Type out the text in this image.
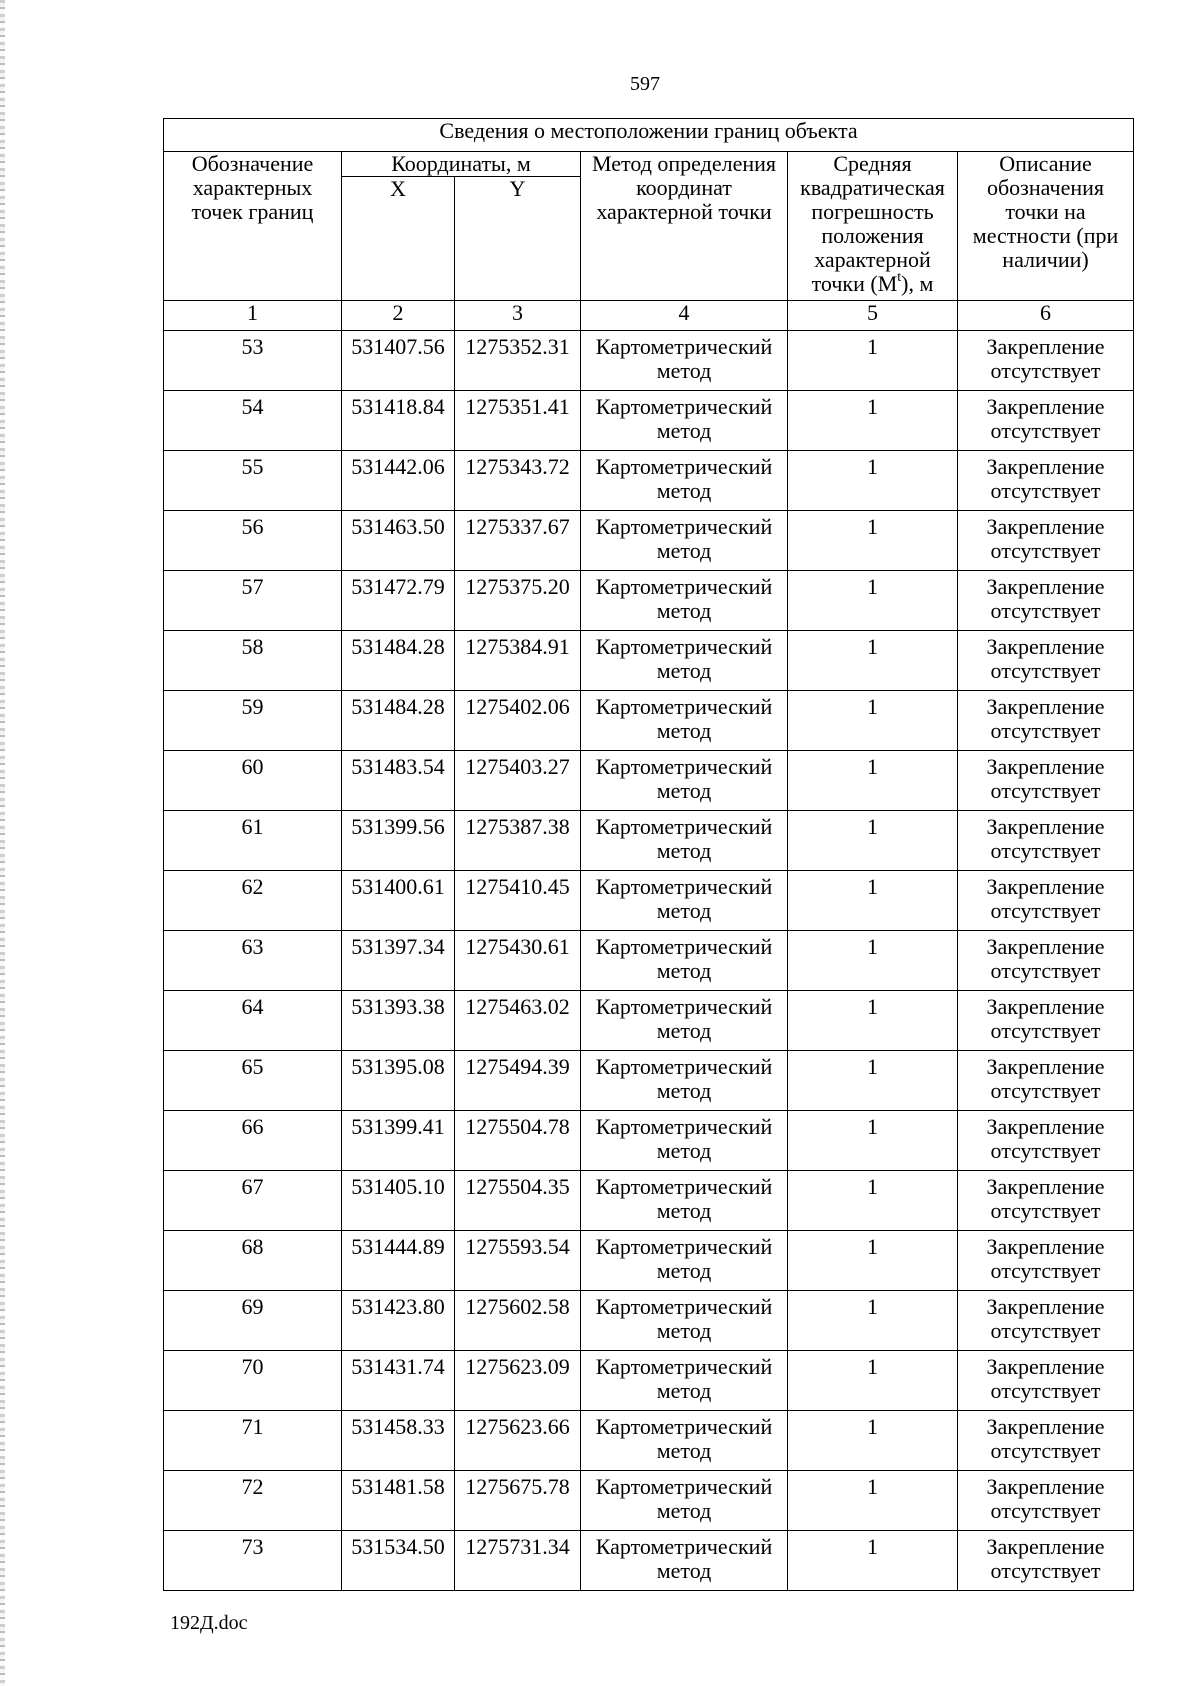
597
Сведения о местоположении границ объекта					
Обозначение характерных точек границ	Координаты, м		Метод определения координат характерной точки	Средняя квадратическая погрешность положения характерной точки $(М^t)$, м	Описание обозначения точки на местности (при наличии)
	X	Y			
1	2	3	4	5	6
53	531407.56	1275352.31	Картометрический метод	1	Закрепление отсутствует
54	531418.84	1275351.41	Картометрический метод	1	Закрепление отсутствует
55	531442.06	1275343.72	Картометрический метод	1	Закрепление отсутствует
56	531463.50	1275337.67	Картометрический метод	1	Закрепление отсутствует
57	531472.79	1275375.20	Картометрический метод	1	Закрепление отсутствует
58	531484.28	1275384.91	Картометрический метод	1	Закрепление отсутствует
59	531484.28	1275402.06	Картометрический метод	1	Закрепление отсутствует
60	531483.54	1275403.27	Картометрический метод	1	Закрепление отсутствует
61	531399.56	1275387.38	Картометрический метод	1	Закрепление отсутствует
62	531400.61	1275410.45	Картометрический метод	1	Закрепление отсутствует
63	531397.34	1275430.61	Картометрический метод	1	Закрепление отсутствует
64	531393.38	1275463.02	Картометрический метод	1	Закрепление отсутствует
65	531395.08	1275494.39	Картометрический метод	1	Закрепление отсутствует
66	531399.41	1275504.78	Картометрический метод	1	Закрепление отсутствует
67	531405.10	1275504.35	Картометрический метод	1	Закрепление отсутствует
68	531444.89	1275593.54	Картометрический метод	1	Закрепление отсутствует
69	531423.80	1275602.58	Картометрический метод	1	Закрепление отсутствует
70	531431.74	1275623.09	Картометрический метод	1	Закрепление отсутствует
71	531458.33	1275623.66	Картометрический метод	1	Закрепление отсутствует
72	531481.58	1275675.78	Картометрический метод	1	Закрепление отсутствует
73	531534.50	1275731.34	Картометрический метод	1	Закрепление отсутствует
192Д.doc
